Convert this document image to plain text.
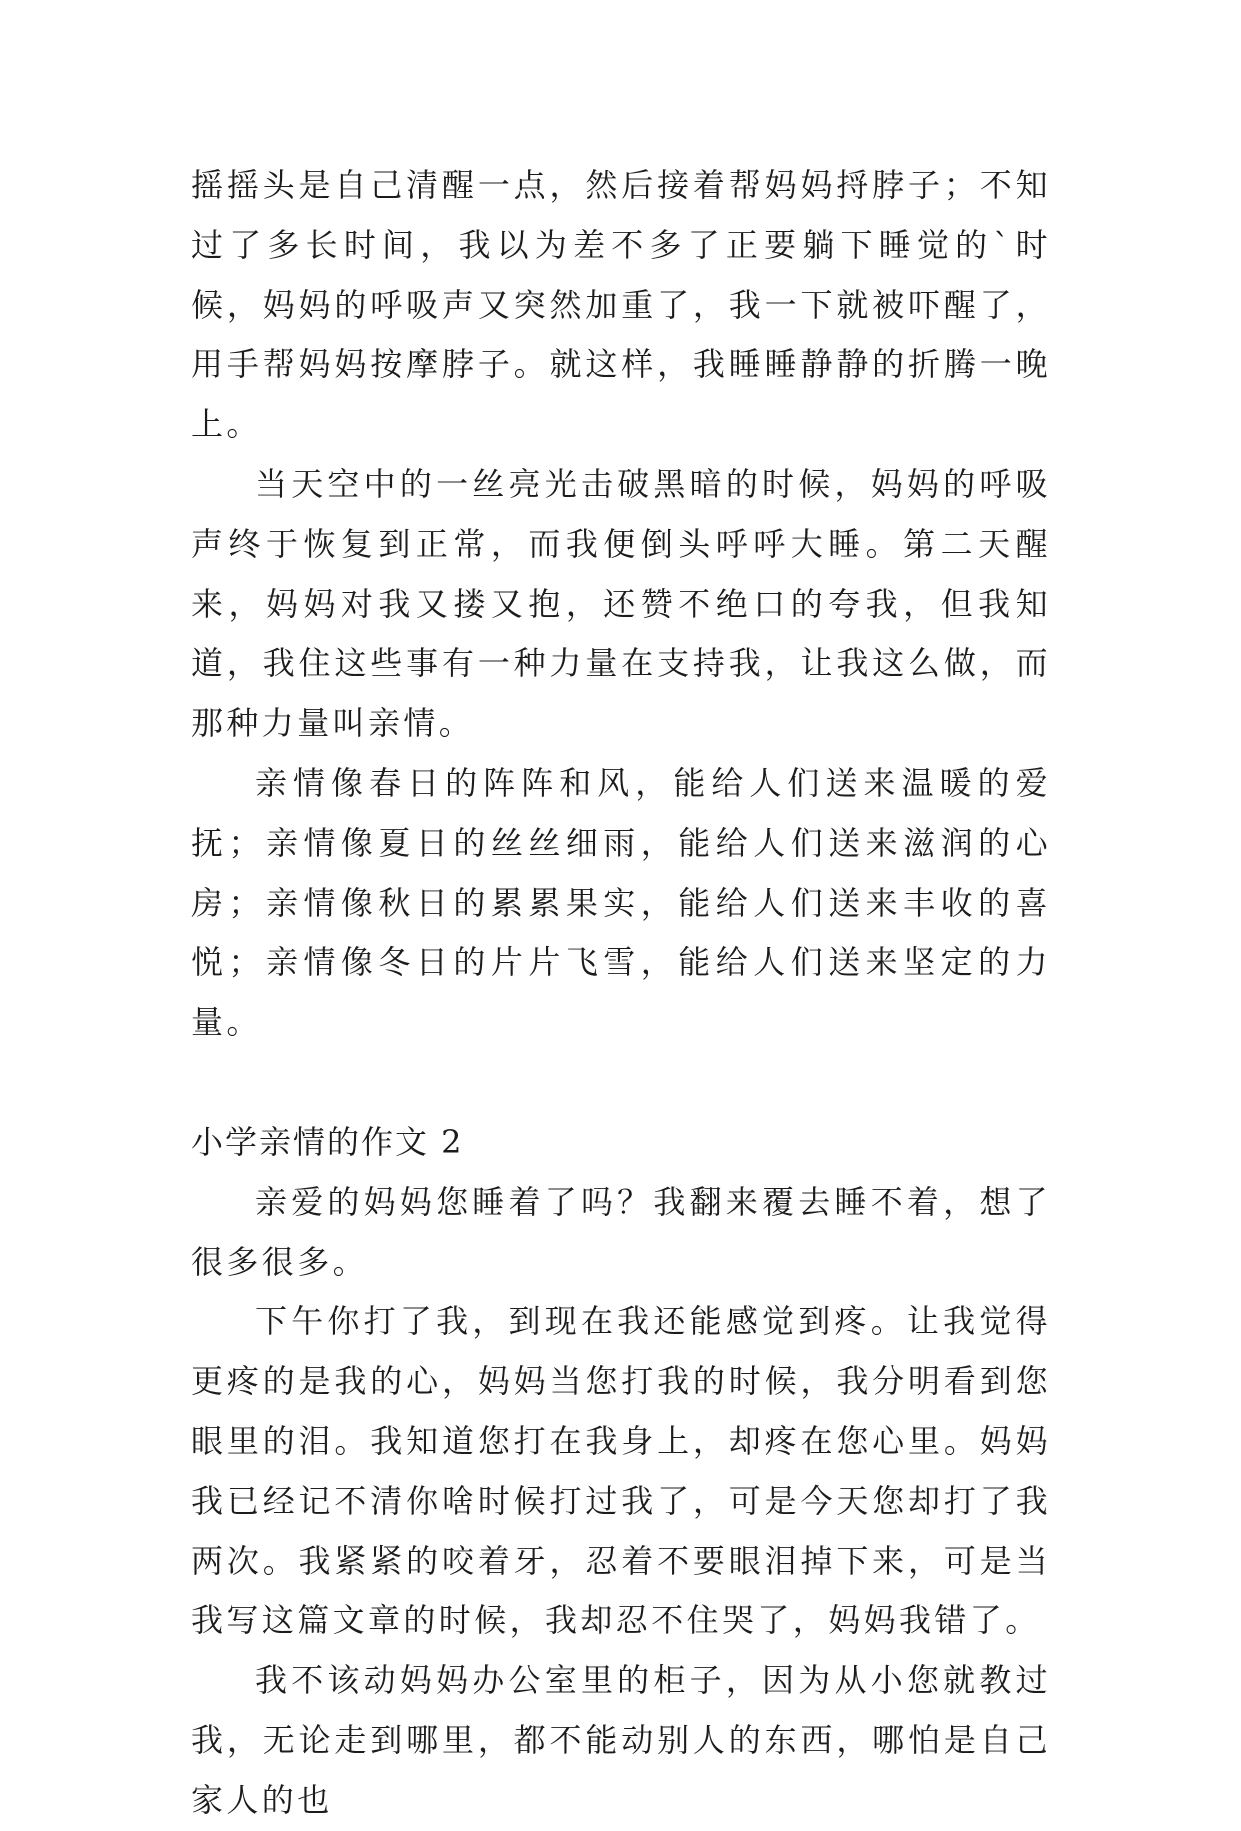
摇摇头是自己清醒一点，然后接着帮妈妈捋脖子；不知过了多长时间，我以为差不多了正要躺下睡觉的`时候，妈妈的呼吸声又突然加重了，我一下就被吓醒了，用手帮妈妈按摩脖子。就这样，我睡睡静静的折腾一晚上。

当天空中的一丝亮光击破黑暗的时候，妈妈的呼吸声终于恢复到正常，而我便倒头呼呼大睡。第二天醒来，妈妈对我又搂又抱，还赞不绝口的夸我，但我知道，我住这些事有一种力量在支持我，让我这么做，而那种力量叫亲情。

亲情像春日的阵阵和风，能给人们送来温暖的爱抚；亲情像夏日的丝丝细雨，能给人们送来滋润的心房；亲情像秋日的累累果实，能给人们送来丰收的喜悦；亲情像冬日的片片飞雪，能给人们送来坚定的力量。

小学亲情的作文 2

亲爱的妈妈您睡着了吗？我翻来覆去睡不着，想了很多很多。

下午你打了我，到现在我还能感觉到疼。让我觉得更疼的是我的心，妈妈当您打我的时候，我分明看到您眼里的泪。我知道您打在我身上，却疼在您心里。妈妈我已经记不清你啥时候打过我了，可是今天您却打了我两次。我紧紧的咬着牙，忍着不要眼泪掉下来，可是当我写这篇文章的时候，我却忍不住哭了，妈妈我错了。

我不该动妈妈办公室里的柜子，因为从小您就教过我，无论走到哪里，都不能动别人的东西，哪怕是自己家人的也
